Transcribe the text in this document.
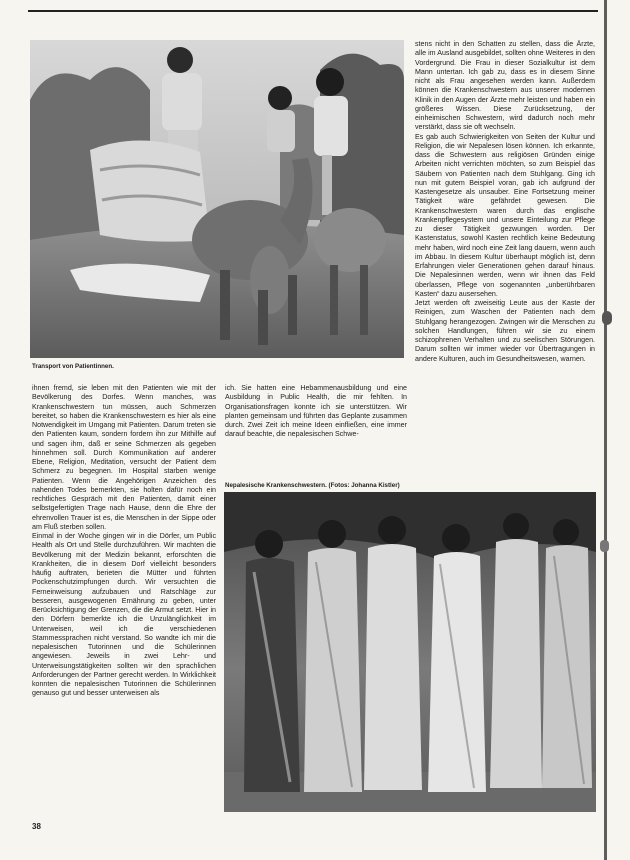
Transport von Patientinnen.

stens nicht in den Schatten zu stellen, dass die Ärzte, alle im Ausland ausgebildet, sollten ohne Weiteres in den Vordergrund. Die Frau in dieser Sozialkultur ist dem Mann untertan. Ich gab zu, dass es in diesem Sinne nicht als Frau angesehen werden kann. Außerdem können die Krankenschwestern aus unserer modernen Klinik in den Augen der Ärzte mehr leisten und haben ein größeres Wissen. Diese Zurücksetzung, der einheimischen Schwestern, wird dadurch noch mehr verstärkt, dass sie oft wechseln.

Es gab auch Schwierigkeiten von Seiten der Kultur und Religion, die wir Nepalesen lösen können. Ich erkannte, dass die Schwestern aus religiösen Gründen einige Arbeiten nicht verrichten möchten, so zum Beispiel das Säubern von Patienten nach dem Stuhlgang. Ging ich nun mit gutem Beispiel voran, gab ich aufgrund der Kastengesetze als unsauber. Eine Fortsetzung meiner Tätigkeit wäre gefährdet gewesen. Die Krankenschwestern waren durch das englische Krankenpflegesystem und unsere Einteilung zur Pflege zu dieser Tätigkeit gezwungen worden. Der Kastenstatus, sowohl Kasten rechtlich keine Bedeutung mehr haben, wird noch eine Zeit lang dauern, wenn auch im Abbau. In diesem Kultur überhaupt möglich ist, denn Erfahrungen vieler Generationen gehen darauf hinaus. Die Nepalesinnen werden, wenn wir ihnen das Feld überlassen, Pflege von sogenannten „unberührbaren Kasten“ dazu ausersehen.

Jetzt werden oft zweiseitig Leute aus der Kaste der Reinigen, zum Waschen der Patienten nach dem Stuhlgang herangezogen. Zwingen wir die Menschen zu solchen Handlungen, führen wir sie zu einem schizophrenen Verhalten und zu seelischen Störungen. Darum sollten wir immer wieder vor Übertragungen in andere Kulturen, auch im Gesundheitswesen, warnen.

ihnen fremd, sie leben mit den Patienten wie mit der Bevölkerung des Dorfes. Wenn manches, was Krankenschwestern tun müssen, auch Schmerzen bereitet, so haben die Krankenschwestern es hier als eine Notwendigkeit im Umgang mit Patienten. Darum treten sie den Patienten kaum, sondern fordern ihn zur Mithilfe auf und sagen ihm, daß er seine Schmerzen als gegeben hinnehmen soll. Durch Kommunikation auf anderer Ebene, Religion, Meditation, versucht der Patient dem Schmerz zu begegnen. Im Hospital starben wenige Patienten. Wenn die Angehörigen Anzeichen des nahenden Todes bemerkten, sie holten dafür noch ein rechtliches Gespräch mit den Patienten, damit einer selbstgefertigten Trage nach Hause, denn die Ehre der ehrenvollen Trauer ist es, die Menschen in der Sippe oder am Fluß sterben sollen.

Einmal in der Woche gingen wir in die Dörfer, um Public Health als Ort und Stelle durchzuführen. Wir machten die Bevölkerung mit der Medizin bekannt, erforschten die Krankheiten, die in diesem Dorf vielleicht besonders häufig auftraten, berieten die Mütter und führten Pockenschutzimpfungen durch. Wir versuchten die Ferneinweisung aufzubauen und Ratschläge zur besseren, ausgewogenen Ernährung zu geben, unter Berücksichtigung der Grenzen, die die Armut setzt. Hier in den Dörfern bemerkte ich die Unzulänglichkeit im Unterweisen, weil ich die verschiedenen Stammessprachen nicht verstand. So wandte ich mir die nepalesischen Tutorinnen und die Schülerinnen angewiesen. Jeweils in zwei Lehr- und Unterweisungstätigkeiten sollten wir den sprachlichen Anforderungen der Partner gerecht werden. In Wirklichkeit konnten die nepalesischen Tutorinnen die Schülerinnen genauso gut und besser unterweisen als

ich. Sie hatten eine Hebammenausbildung und eine Ausbildung in Public Health, die mir fehlten. In Organisationsfragen konnte ich sie unterstützen. Wir planten gemeinsam und führten das Geplante zusammen durch. Zwei Zeit ich meine Ideen einfließen, eine immer darauf beachte, die nepalesischen Schwe-

Nepalesische Krankenschwestern. (Fotos: Johanna Kistler)
38
